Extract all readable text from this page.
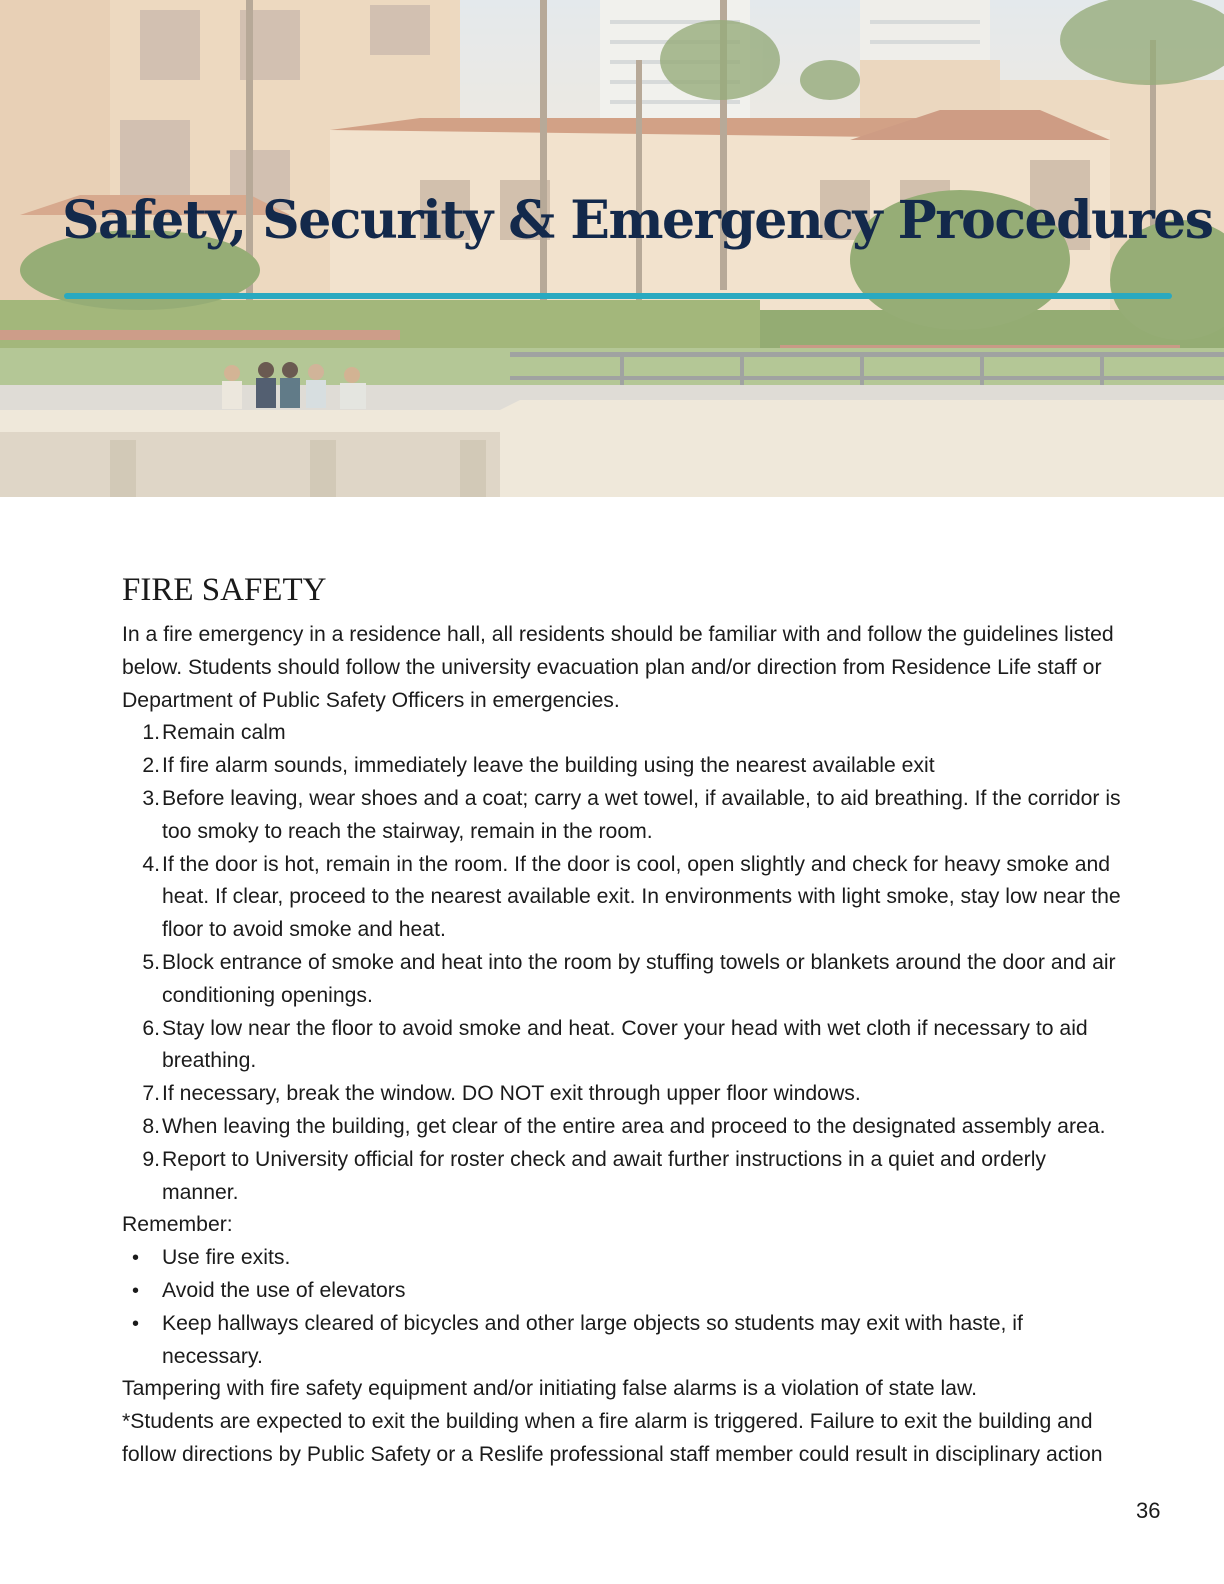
Safety, Security & Emergency Procedures
FIRE SAFETY

In a fire emergency in a residence hall, all residents should be familiar with and follow the guidelines listed below. Students should follow the university evacuation plan and/or direction from Residence Life staff or Department of Public Safety Officers in emergencies.

1. Remain calm
2. If fire alarm sounds, immediately leave the building using the nearest available exit
3. Before leaving, wear shoes and a coat; carry a wet towel, if available, to aid breathing. If the corridor is too smoky to reach the stairway, remain in the room.
4. If the door is hot, remain in the room. If the door is cool, open slightly and check for heavy smoke and heat. If clear, proceed to the nearest available exit. In environments with light smoke, stay low near the floor to avoid smoke and heat.
5. Block entrance of smoke and heat into the room by stuffing towels or blankets around the door and air conditioning openings.
6. Stay low near the floor to avoid smoke and heat. Cover your head with wet cloth if necessary to aid breathing.
7. If necessary, break the window. DO NOT exit through upper floor windows.
8. When leaving the building, get clear of the entire area and proceed to the designated assembly area.
9. Report to University official for roster check and await further instructions in a quiet and orderly manner.

Remember:

•	Use fire exits.
•	Avoid the use of elevators
•	Keep hallways cleared of bicycles and other large objects so students may exit with haste, if necessary.

Tampering with fire safety equipment and/or initiating false alarms is a violation of state law.

*Students are expected to exit the building when a fire alarm is triggered. Failure to exit the building and follow directions by Public Safety or a Reslife professional staff member could result in disciplinary action

36
